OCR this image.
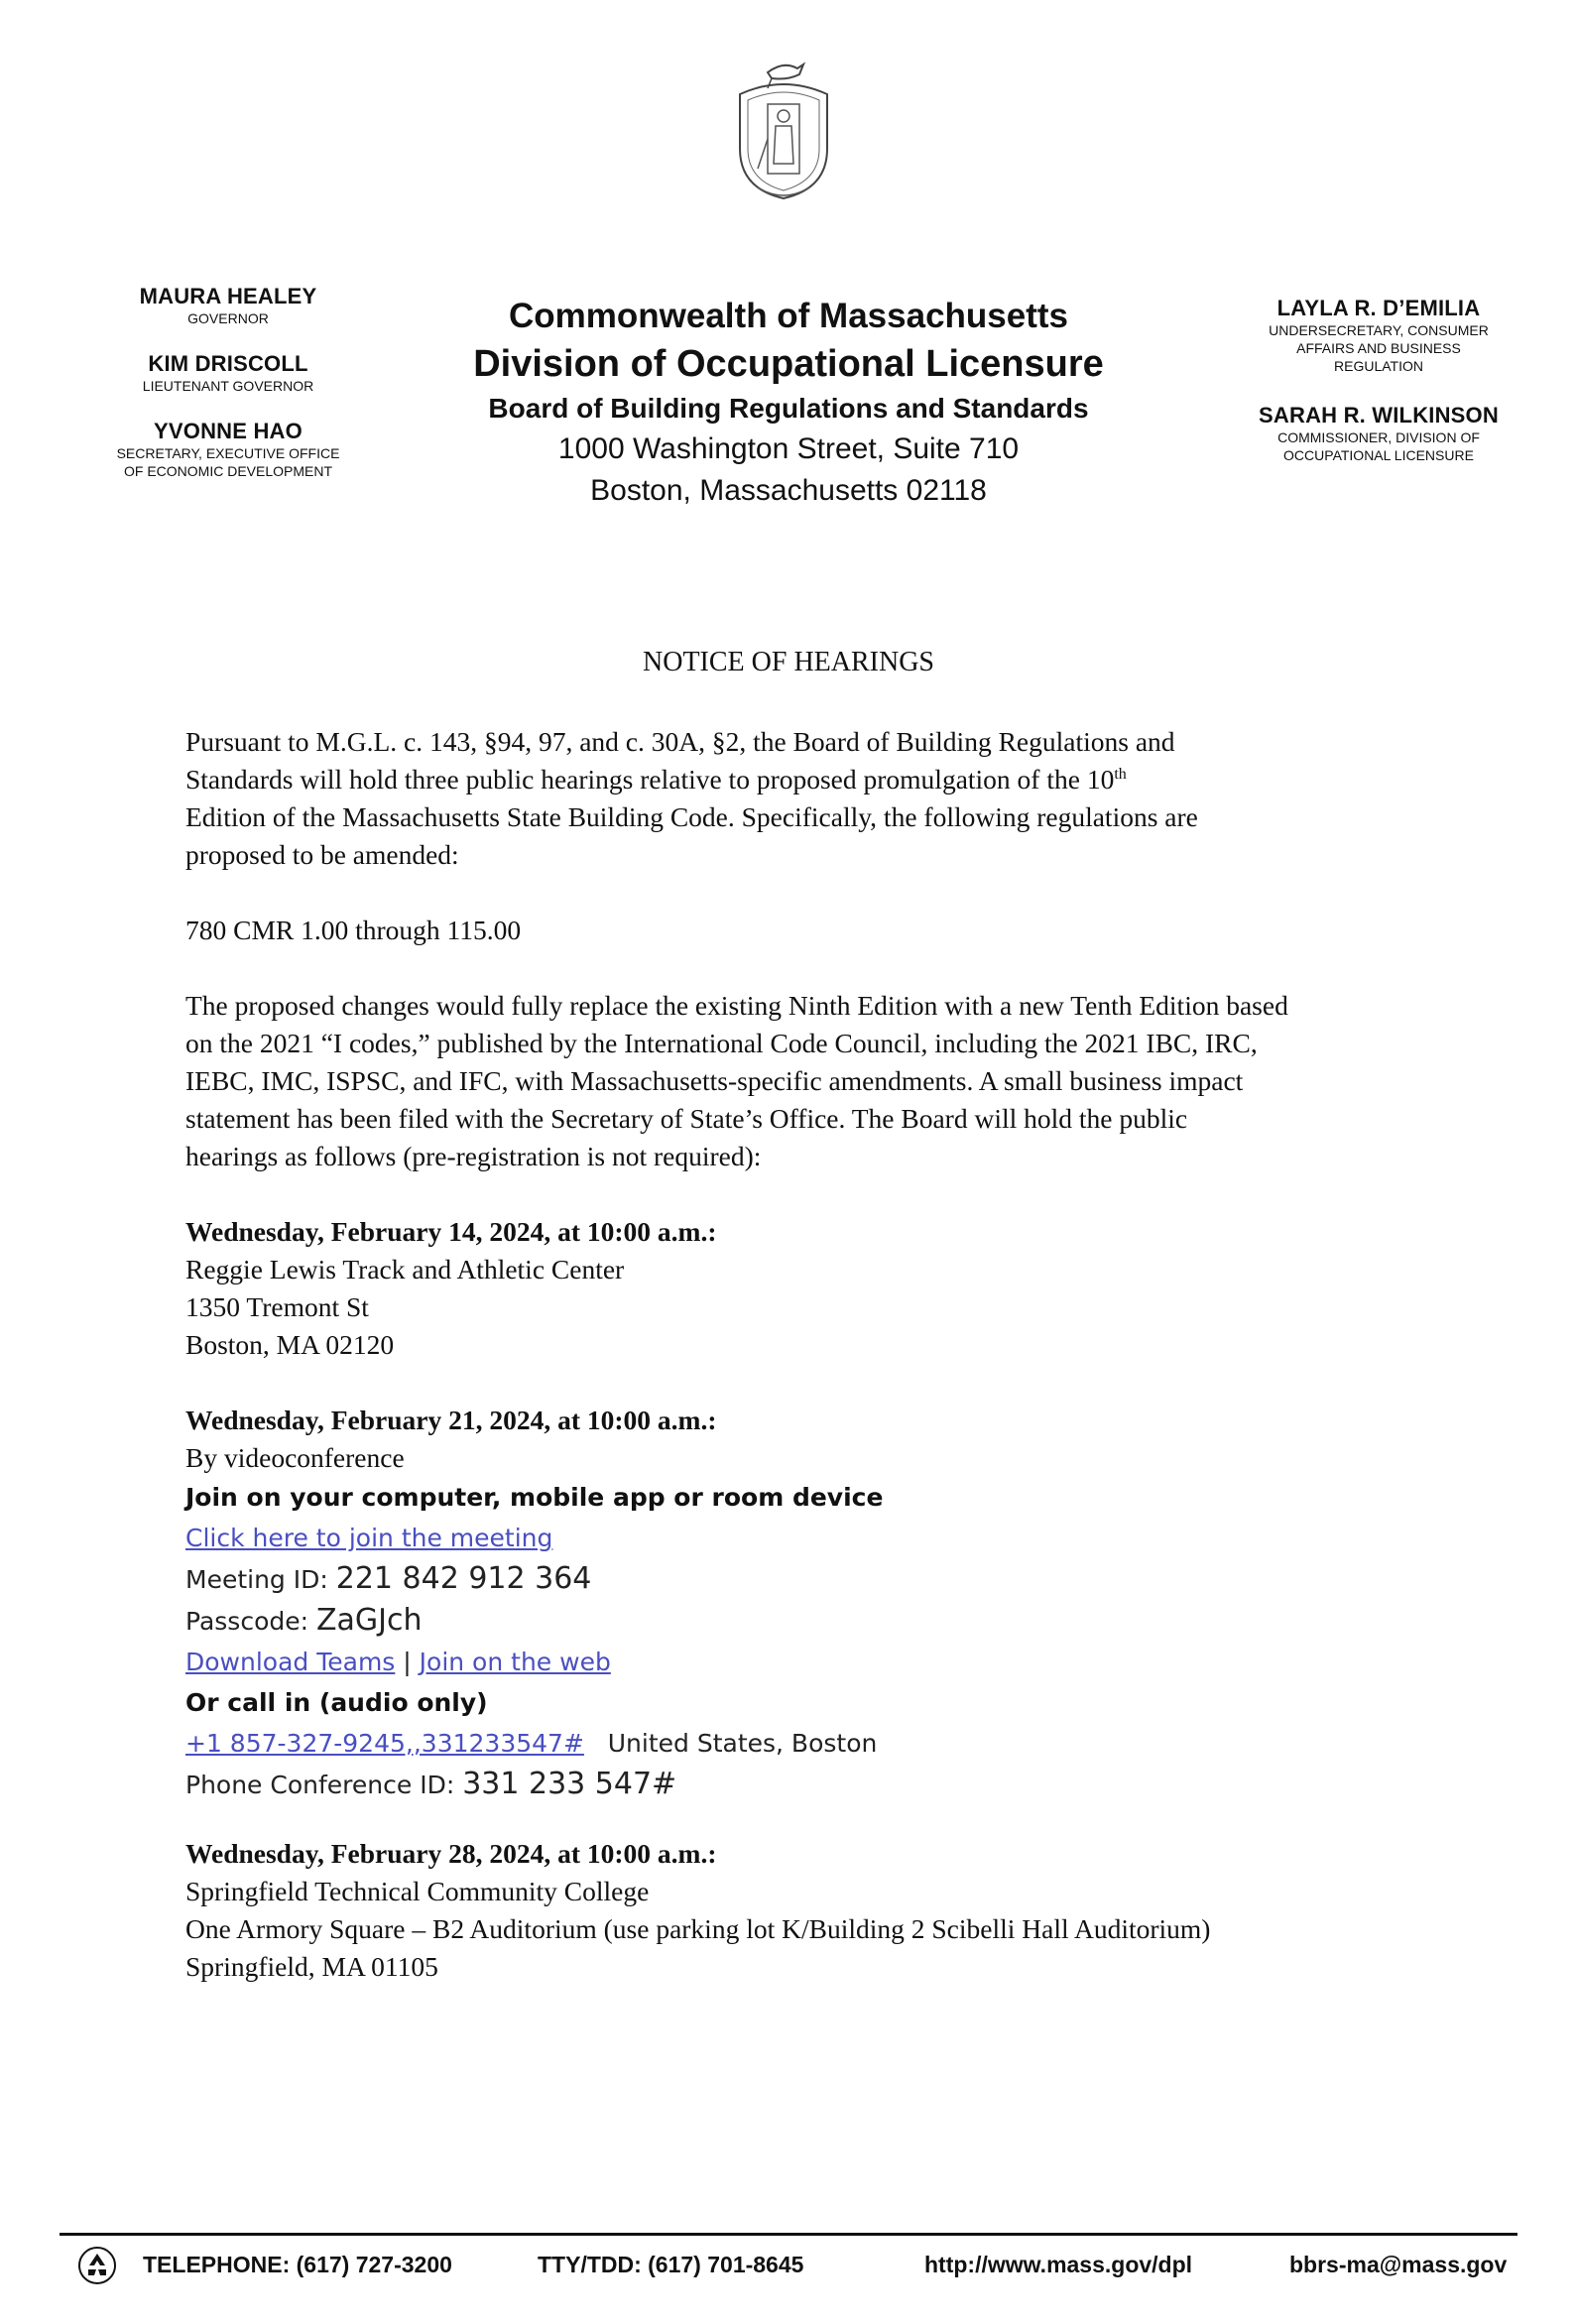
MAURA HEALEY
GOVERNOR
KIM DRISCOLL
LIEUTENANT GOVERNOR
YVONNE HAO
SECRETARY, EXECUTIVE OFFICE
OF ECONOMIC DEVELOPMENT
Commonwealth of Massachusetts
Division of Occupational Licensure
Board of Building Regulations and Standards
1000 Washington Street, Suite 710
Boston, Massachusetts 02118
LAYLA R. D’EMILIA
UNDERSECRETARY, CONSUMER
AFFAIRS AND BUSINESS
REGULATION
SARAH R. WILKINSON
COMMISSIONER, DIVISION OF
OCCUPATIONAL LICENSURE
NOTICE OF HEARINGS

Pursuant to M.G.L. c. 143, §94, 97, and c. 30A, §2, the Board of Building Regulations and

Standards will hold three public hearings relative to proposed promulgation of the 10th

Edition of the Massachusetts State Building Code. Specifically, the following regulations are

proposed to be amended:

780 CMR 1.00 through 115.00

The proposed changes would fully replace the existing Ninth Edition with a new Tenth Edition based

on the 2021 “I codes,” published by the International Code Council, including the 2021 IBC, IRC,

IEBC, IMC, ISPSC, and IFC, with Massachusetts-specific amendments. A small business impact

statement has been filed with the Secretary of State’s Office. The Board will hold the public

hearings as follows (pre-registration is not required):

Wednesday, February 14, 2024, at 10:00 a.m.:

Reggie Lewis Track and Athletic Center

1350 Tremont St

Boston, MA 02120

Wednesday, February 21, 2024, at 10:00 a.m.:

By videoconference

Join on your computer, mobile app or room device
Click here to join the meeting
Meeting ID: 221 842 912 364
Passcode: ZaGJch
Download Teams | Join on the web
Or call in (audio only)
+1 857-327-9245,,331233547#   United States, Boston
Phone Conference ID: 331 233 547#

Wednesday, February 28, 2024, at 10:00 a.m.:

Springfield Technical Community College

One Armory Square – B2 Auditorium (use parking lot K/Building 2 Scibelli Hall Auditorium)

Springfield, MA 01105

TELEPHONE: (617) 727-3200	TTY/TDD: (617) 701-8645	http://www.mass.gov/dpl	bbrs-ma@mass.gov
